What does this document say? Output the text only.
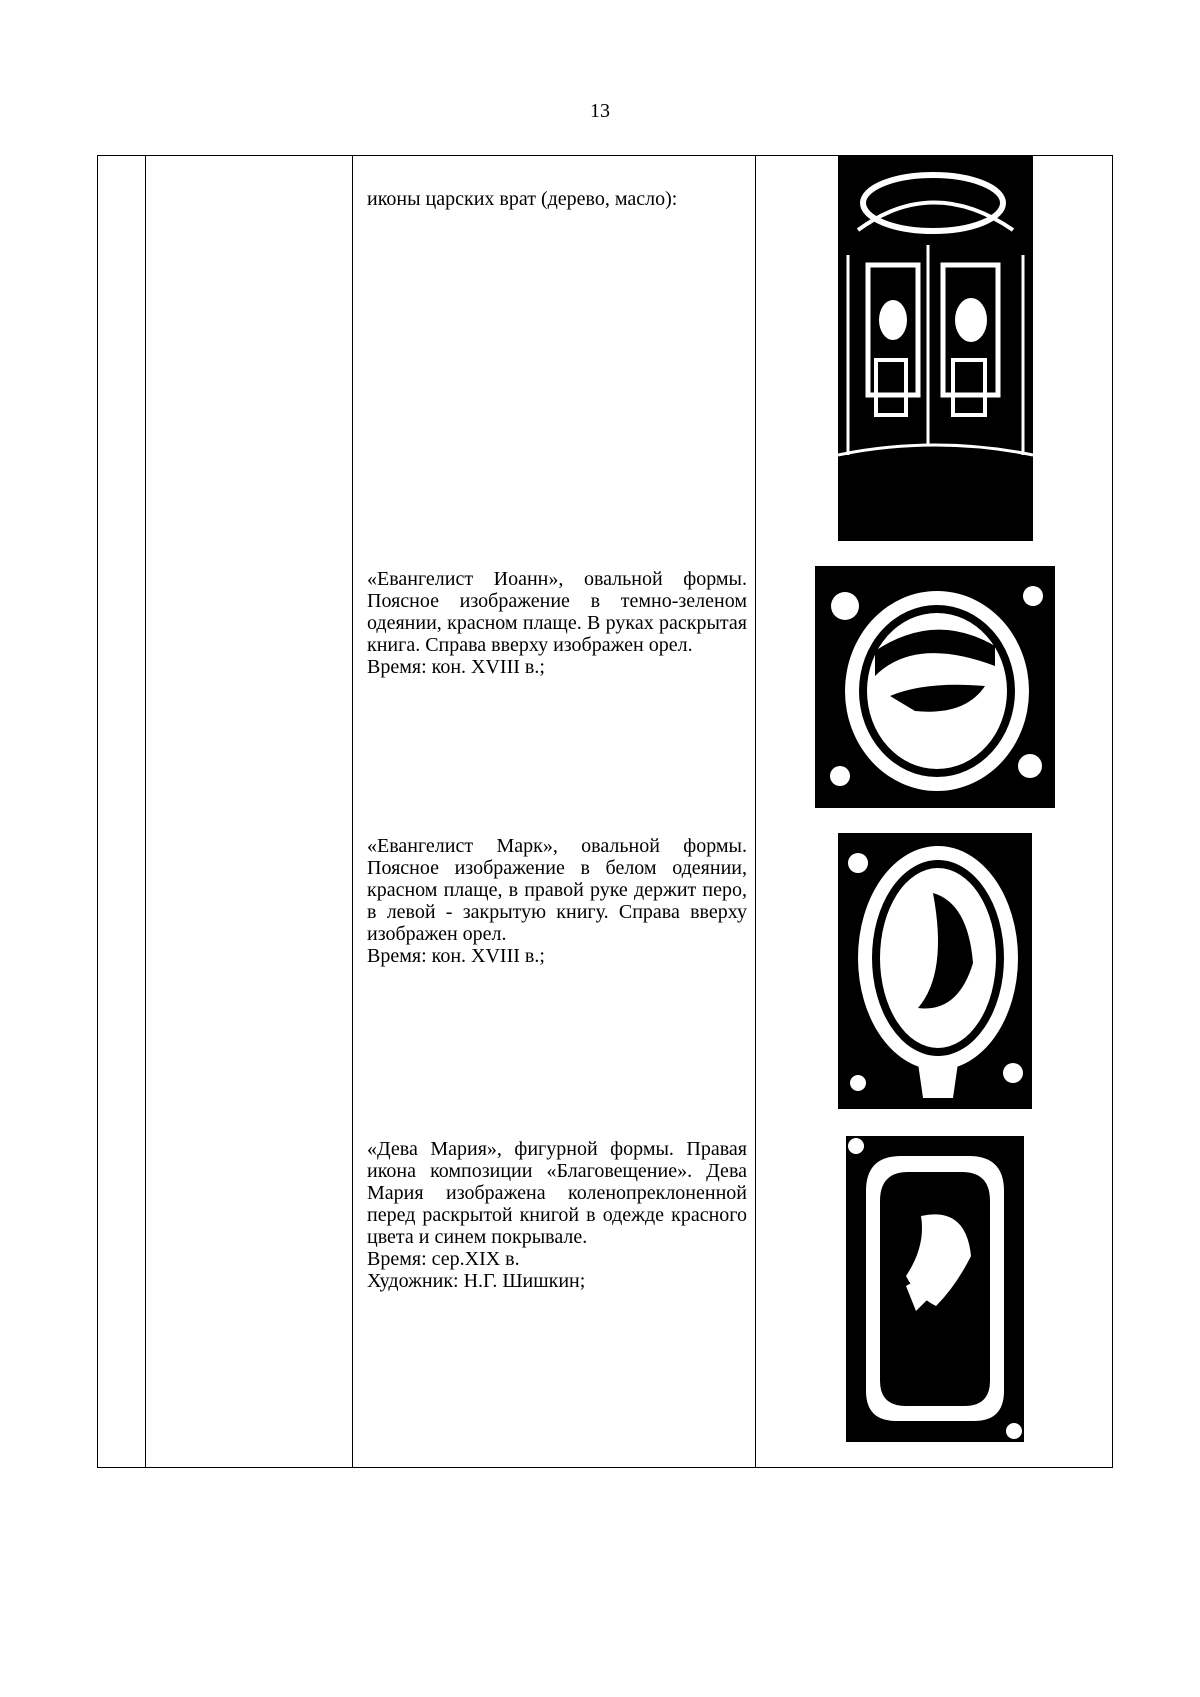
13

иконы царских врат (дерево, масло):

«Евангелист Иоанн», овальной формы. Поясное изображение в темно-зеленом одеянии, красном плаще. В руках раскрытая книга. Справа вверху изображен орел.

Время: кон. XVIII в.;

«Евангелист Марк», овальной формы. Поясное изображение в белом одеянии, красном плаще, в правой руке держит перо, в левой - закрытую книгу. Справа вверху изображен орел.

Время: кон. XVIII в.;

«Дева Мария», фигурной формы. Правая икона композиции «Благовещение». Дева Мария изображена коленопреклоненной перед раскрытой книгой в одежде красного цвета и синем покрывале.

Время: сер.XIX в.

Художник: Н.Г. Шишкин;
